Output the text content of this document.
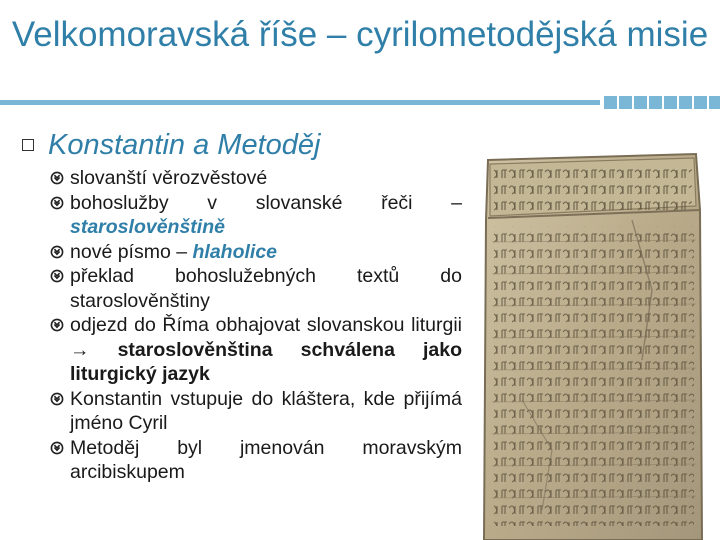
Velkomoravská říše – cyrilometodějská misie
Konstantin a Metoděj
slovanští věrozvěstové
bohoslužby v slovanské řeči – staroslověnštině
nové písmo – hlaholice
překlad bohoslužebných textů do staroslověnštiny
odjezd do Říma obhajovat slovanskou liturgii → staroslověnština schválena jako liturgický jazyk
Konstantin vstupuje do kláštera, kde přijímá jméno Cyril
Metoděj byl jmenován moravským arcibiskupem
